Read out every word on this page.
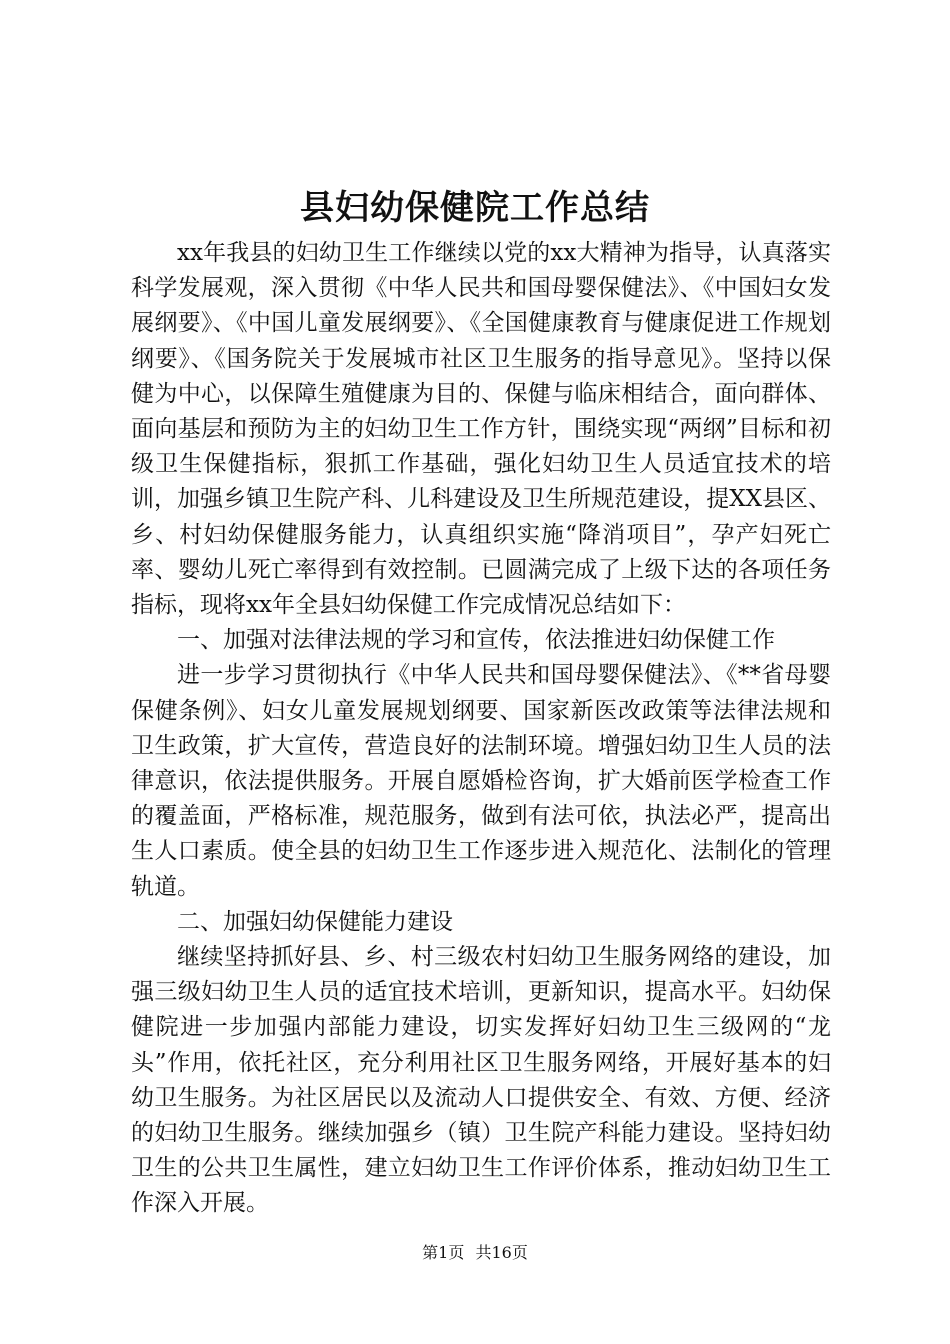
县妇幼保健院工作总结

xx年我县的妇幼卫生工作继续以党的xx大精神为指导，认真落实科学发展观，深入贯彻《中华人民共和国母婴保健法》、《中国妇女发展纲要》、《中国儿童发展纲要》、《全国健康教育与健康促进工作规划纲要》、《国务院关于发展城市社区卫生服务的指导意见》。坚持以保健为中心，以保障生殖健康为目的、保健与临床相结合，面向群体、面向基层和预防为主的妇幼卫生工作方针，围绕实现“两纲”目标和初级卫生保健指标，狠抓工作基础，强化妇幼卫生人员适宜技术的培训，加强乡镇卫生院产科、儿科建设及卫生所规范建设，提XX县区、乡、村妇幼保健服务能力，认真组织实施“降消项目”，孕产妇死亡率、婴幼儿死亡率得到有效控制。已圆满完成了上级下达的各项任务指标，现将xx年全县妇幼保健工作完成情况总结如下：

一、加强对法律法规的学习和宣传，依法推进妇幼保健工作

进一步学习贯彻执行《中华人民共和国母婴保健法》、《**省母婴保健条例》、妇女儿童发展规划纲要、国家新医改政策等法律法规和卫生政策，扩大宣传，营造良好的法制环境。增强妇幼卫生人员的法律意识，依法提供服务。开展自愿婚检咨询，扩大婚前医学检查工作的覆盖面，严格标准，规范服务，做到有法可依，执法必严，提高出生人口素质。使全县的妇幼卫生工作逐步进入规范化、法制化的管理轨道。

二、加强妇幼保健能力建设

继续坚持抓好县、乡、村三级农村妇幼卫生服务网络的建设，加强三级妇幼卫生人员的适宜技术培训，更新知识，提高水平。妇幼保健院进一步加强内部能力建设，切实发挥好妇幼卫生三级网的“龙头”作用，依托社区，充分利用社区卫生服务网络，开展好基本的妇幼卫生服务。为社区居民以及流动人口提供安全、有效、方便、经济的妇幼卫生服务。继续加强乡（镇）卫生院产科能力建设。坚持妇幼卫生的公共卫生属性，建立妇幼卫生工作评价体系，推动妇幼卫生工作深入开展。

第1页 共16页
